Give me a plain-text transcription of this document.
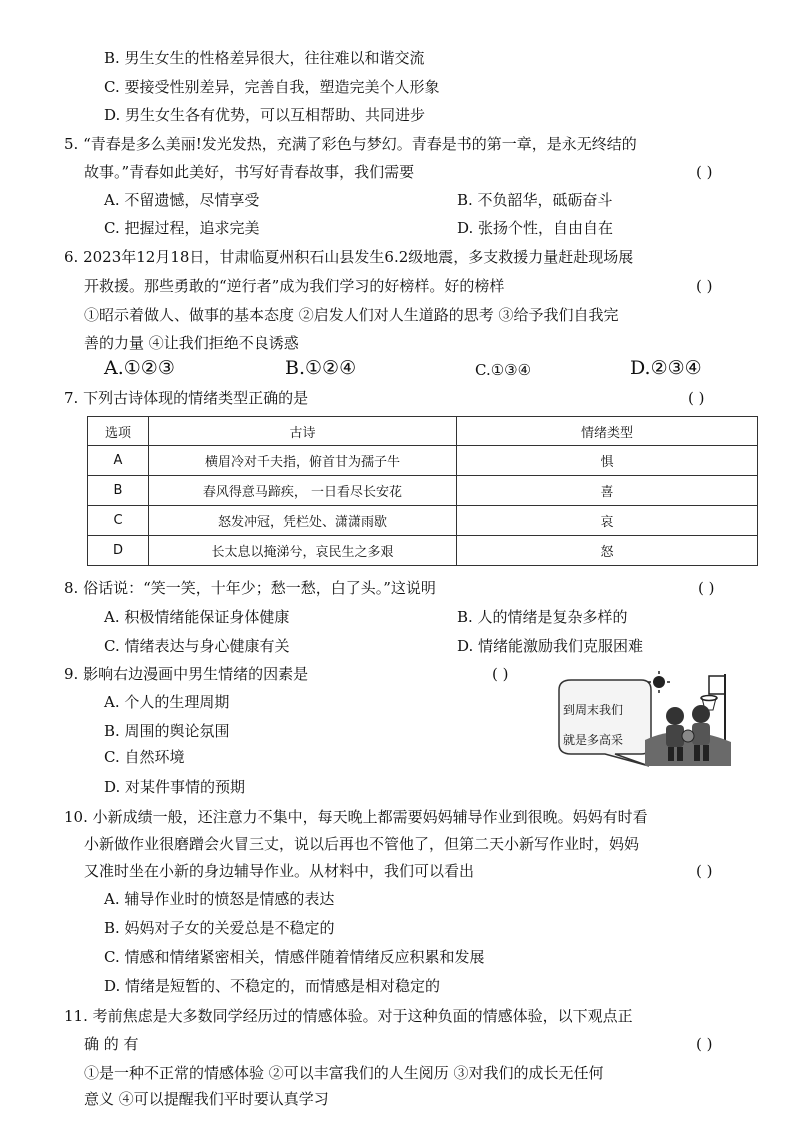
B. 男生女生的性格差异很大，往往难以和谐交流
C. 要接受性别差异，完善自我，塑造完美个人形象
D. 男生女生各有优势，可以互相帮助、共同进步
5. “青春是多么美丽!发光发热，充满了彩色与梦幻。青春是书的第一章，是永无终结的
故事。”青春如此美好，书写好青春故事，我们需要	( )
A. 不留遗憾，尽情享受	B. 不负韶华，砥砺奋斗
C. 把握过程，追求完美	D. 张扬个性，自由自在
6. 2023年12月18日，甘肃临夏州积石山县发生6.2级地震，多支救援力量赶赴现场展
开救援。那些勇敢的“逆行者”成为我们学习的好榜样。好的榜样	( )
①昭示着做人、做事的基本态度 ②启发人们对人生道路的思考 ③给予我们自我完
善的力量 ④让我们拒绝不良诱惑
A.①②③	B.①②④	C.①③④	D.②③④
7. 下列古诗体现的情绪类型正确的是	( )
选项	古诗	情绪类型
A	横眉冷对千夫指，俯首甘为孺子牛	惧
B	春风得意马蹄疾， 一日看尽长安花	喜
C	怒发冲冠，凭栏处、潇潇雨歇	哀
D	长太息以掩涕兮，哀民生之多艰	怒
8. 俗话说：“笑一笑，十年少；愁一愁，白了头。”这说明	( )
A. 积极情绪能保证身体健康	B. 人的情绪是复杂多样的
C. 情绪表达与身心健康有关	D. 情绪能激励我们克服困难
9. 影响右边漫画中男生情绪的因素是	( )
A. 个人的生理周期
B. 周围的舆论氛围
C. 自然环境
D. 对某件事情的预期
到周末我们
就是多高采
10. 小新成绩一般，还注意力不集中，每天晚上都需要妈妈辅导作业到很晚。妈妈有时看
小新做作业很磨蹭会火冒三丈，说以后再也不管他了，但第二天小新写作业时，妈妈
又准时坐在小新的身边辅导作业。从材料中，我们可以看出	( )
A. 辅导作业时的愤怒是情感的表达
B. 妈妈对子女的关爱总是不稳定的
C. 情感和情绪紧密相关，情感伴随着情绪反应积累和发展
D. 情绪是短暂的、不稳定的，而情感是相对稳定的
11. 考前焦虑是大多数同学经历过的情感体验。对于这种负面的情感体验，以下观点正
确 的 有	( )
①是一种不正常的情感体验 ②可以丰富我们的人生阅历 ③对我们的成长无任何
意义 ④可以提醒我们平时要认真学习
